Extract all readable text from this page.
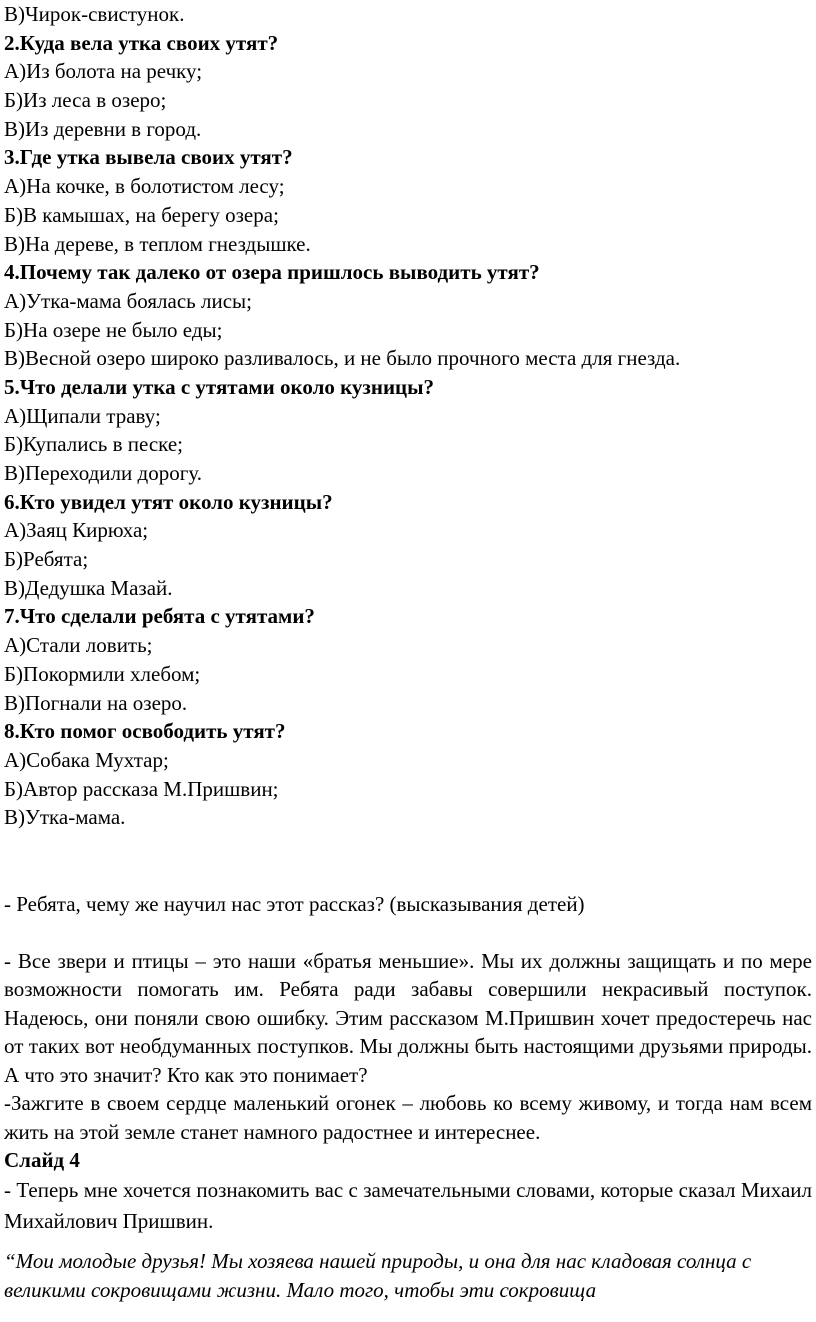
В)Чирок-свистунок.

2.Куда вела утка своих утят?

А)Из болота на речку;

Б)Из леса в озеро;

В)Из деревни в город.

3.Где утка вывела своих утят?

А)На кочке, в болотистом лесу;

Б)В камышах, на берегу озера;

В)На дереве, в теплом гнездышке.

4.Почему так далеко от озера пришлось выводить утят?

А)Утка-мама боялась лисы;

Б)На озере не было еды;

В)Весной озеро широко разливалось, и не было прочного места для гнезда.

5.Что делали утка с утятами около кузницы?

А)Щипали траву;

Б)Купались в песке;

В)Переходили дорогу.

6.Кто увидел утят около кузницы?

А)Заяц Кирюха;

Б)Ребята;

В)Дедушка Мазай.

7.Что сделали ребята с утятами?

А)Стали ловить;

Б)Покормили хлебом;

В)Погнали на озеро.

8.Кто помог освободить утят?

А)Собака Мухтар;

Б)Автор рассказа М.Пришвин;

В)Утка-мама.

- Ребята, чему же научил нас этот рассказ? (высказывания детей)

- Все звери и птицы – это наши «братья меньшие». Мы их должны защищать и по мере возможности помогать им. Ребята ради забавы совершили некрасивый поступок. Надеюсь, они поняли свою ошибку. Этим рассказом М.Пришвин хочет предостеречь нас от таких вот необдуманных поступков. Мы должны быть настоящими друзьями природы. А что это значит? Кто как это понимает?

-Зажгите в своем сердце маленький огонек – любовь ко всему живому, и тогда нам всем жить на этой земле станет намного радостнее и интереснее.

Слайд 4

- Теперь мне хочется познакомить вас с замечательными словами, которые сказал Михаил Михайлович Пришвин.

“Мои молодые друзья! Мы хозяева нашей природы, и она для нас кладовая солнца с великими сокровищами жизни. Мало того, чтобы эти сокровища
